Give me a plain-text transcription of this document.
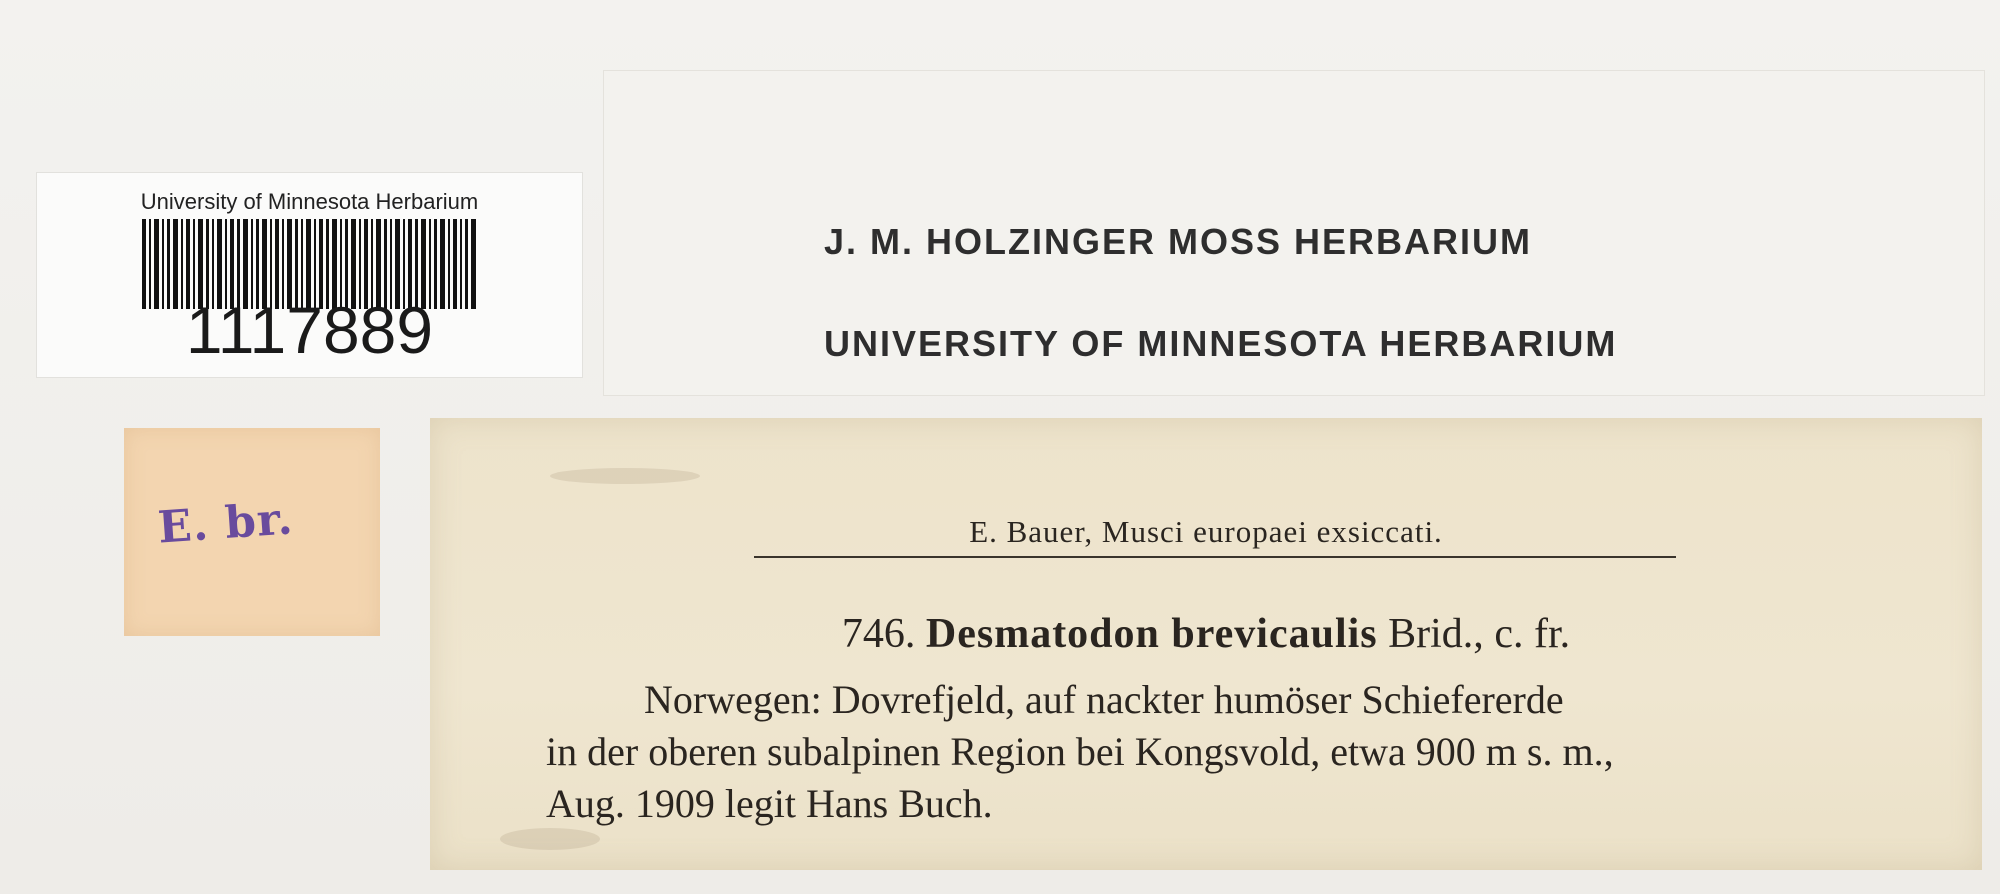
University of Minnesota Herbarium
1117889
J. M. HOLZINGER MOSS HERBARIUM
UNIVERSITY OF MINNESOTA HERBARIUM
E. br.	E. Bauer, Musci europaei exsiccati.
746. Desmatodon brevicaulis Brid., c. fr.
Norwegen: Dovrefjeld, auf nackter humöser Schiefererde
in der oberen subalpinen Region bei Kongsvold, etwa 900 m s. m.,
Aug. 1909 legit Hans Buch.
